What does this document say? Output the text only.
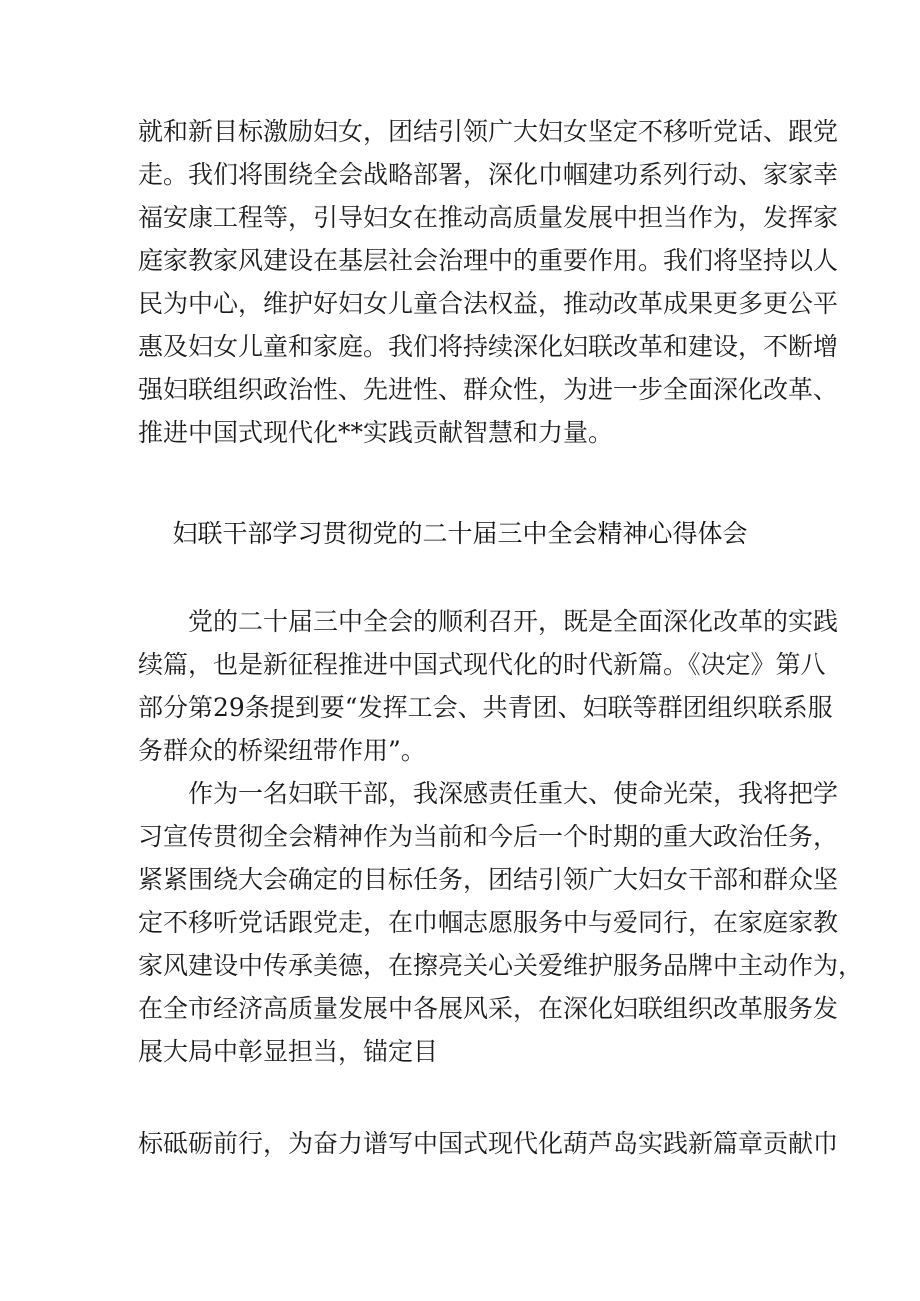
就和新目标激励妇女，团结引领广大妇女坚定不移听党话、跟党
走。我们将围绕全会战略部署，深化巾帼建功系列行动、家家幸
福安康工程等，引导妇女在推动高质量发展中担当作为，发挥家
庭家教家风建设在基层社会治理中的重要作用。我们将坚持以人
民为中心，维护好妇女儿童合法权益，推动改革成果更多更公平
惠及妇女儿童和家庭。我们将持续深化妇联改革和建设，不断增
强妇联组织政治性、先进性、群众性，为进一步全面深化改革、
推进中国式现代化**实践贡献智慧和力量。
妇联干部学习贯彻党的二十届三中全会精神心得体会
党的二十届三中全会的顺利召开，既是全面深化改革的实践
续篇，也是新征程推进中国式现代化的时代新篇。《决定》第八
部分第29条提到要“发挥工会、共青团、妇联等群团组织联系服
务群众的桥梁纽带作用”。
作为一名妇联干部，我深感责任重大、使命光荣，我将把学
习宣传贯彻全会精神作为当前和今后一个时期的重大政治任务，
紧紧围绕大会确定的目标任务，团结引领广大妇女干部和群众坚
定不移听党话跟党走，在巾帼志愿服务中与爱同行，在家庭家教
家风建设中传承美德，在擦亮关心关爱维护服务品牌中主动作为，
在全市经济高质量发展中各展风采，在深化妇联组织改革服务发
展大局中彰显担当，锚定目
标砥砺前行，为奋力谱写中国式现代化葫芦岛实践新篇章贡献巾
